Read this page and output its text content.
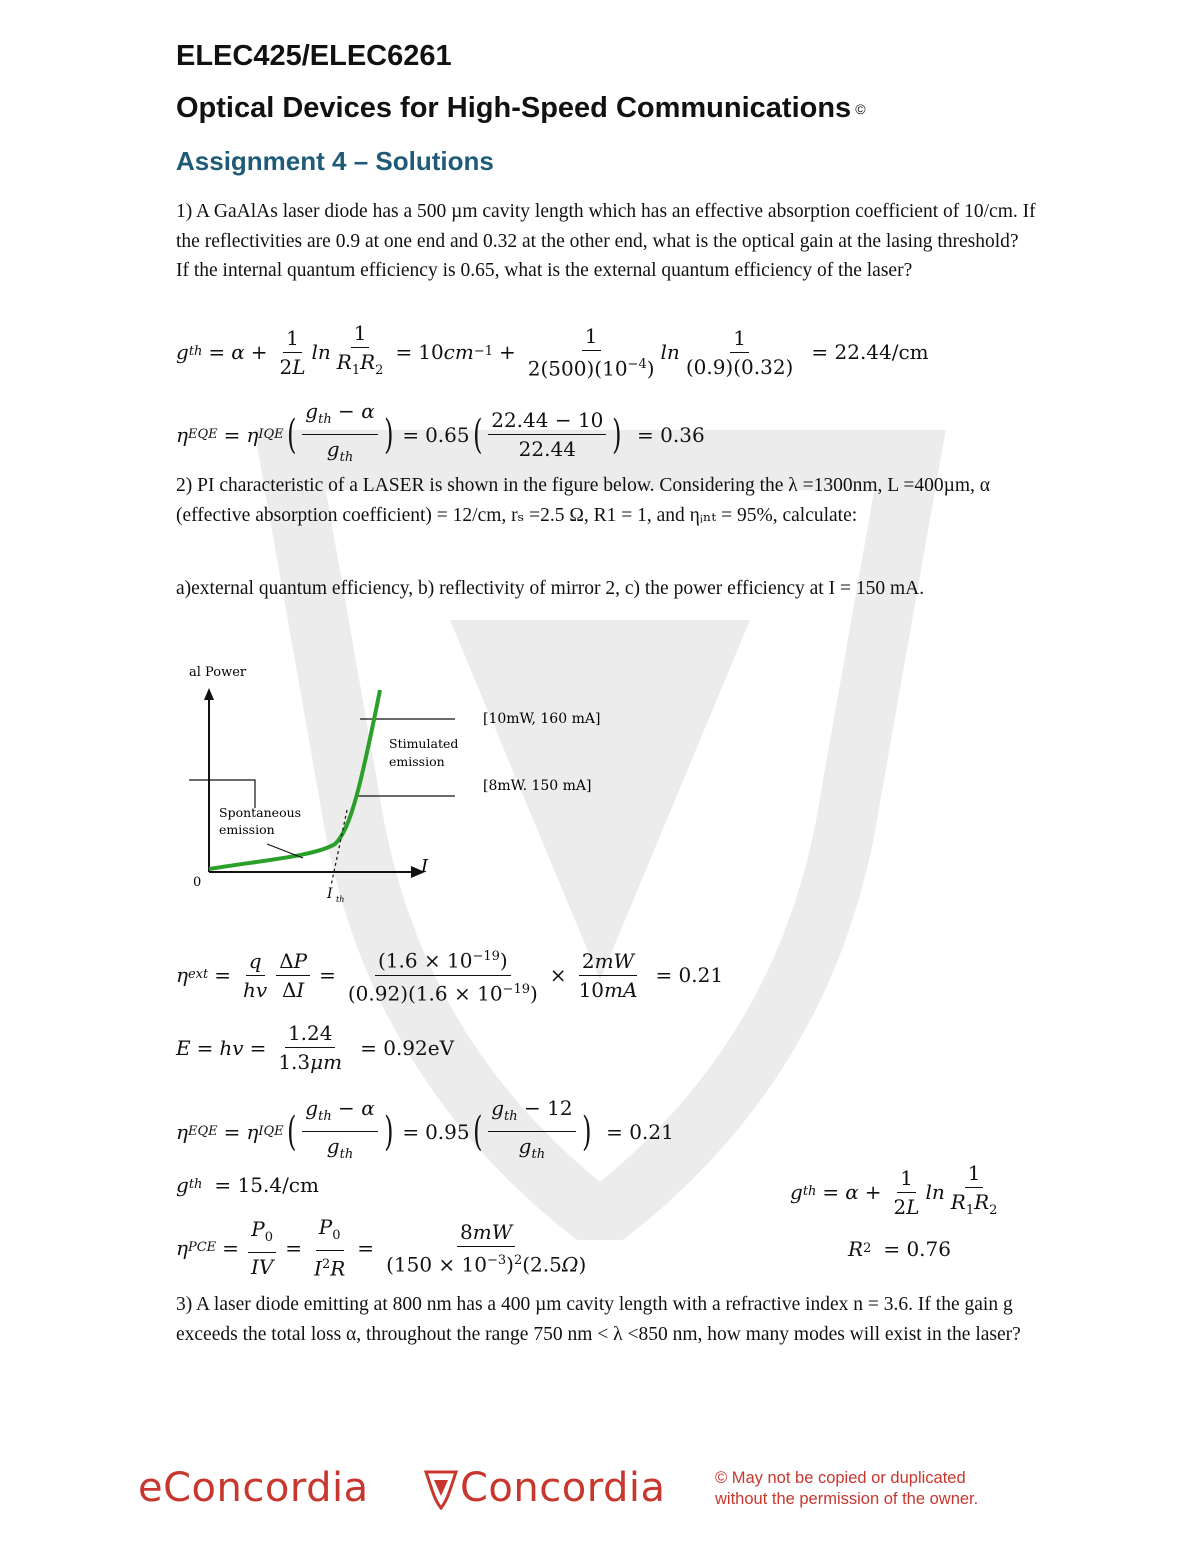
ELEC425/ELEC6261
Optical Devices for High-Speed Communications ©
Assignment 4 – Solutions

1) A GaAlAs laser diode has a 500 µm cavity length which has an effective absorption coefficient of 10/cm. If the reflectivities are 0.9 at one end and 0.32 at the other end, what is the optical gain at the lasing threshold? If the internal quantum efficiency is 0.65, what is the external quantum efficiency of the laser?

g th = $\alpha + \frac{1}{2L}$ $\ln \frac{1}{R_1R_2} = 10$ cm $-1 + \frac{1}{2(500)(10^{-4})}$ ln
1
(0.9)(0.32)
= 22.44/cm
η EQE = η IQE (
$g_{th} - \alpha$
$g_{th}$ ) = 0.65 ( 22.44 − 10
22.44 ) = 0.36

2) PI characteristic of a LASER is shown in the figure below. Considering the λ =1300nm, L =400µm, α (effective absorption coefficient) = 12/cm, rₛ =2.5 Ω, R1 = 1, and ηᵢₙₜ = 95%, calculate:

a)external quantum efficiency, b) reflectivity of mirror 2, c) the power efficiency at I = 150 mA.

al Power
I
0
Stimulated
emission
Spontaneous
emission
[10mW, 160 mA]
[8mW. 150 mA]
I th
η ext = $\frac{q}{hv} \frac{\Delta P}{\Delta I} = \frac{(1.6 \times 10^{-19})}{(0.92)(1.6 \times 10^{-19})} \times \frac{2mW}{10mA} = 0.21$
E = hv = $\frac{1.24}{1.3\mu m} = 0.92eV$
η EQE = η IQE (
$g_{th} - \alpha$
$g_{th}$ ) = 0.95 (
$g_{th} - 12$
$g_{th}$ ) = 0.21
g th = 15.4/cm
η PCE = $\frac{P_0}{IV} = \frac{P_0}{I^2R} = \frac{8mW}{(150 \times 10^{-3})^2(2.5\Omega)}$
g th = $\alpha + \frac{1}{2L}$ ln
1
$R_1R_2$
R 2 = 0.76

3) A laser diode emitting at 800 nm has a 400 µm cavity length with a refractive index n = 3.6. If the gain g exceeds the total loss α, throughout the range 750 nm < λ <850 nm, how many modes will exist in the laser?

eConcordia Concordia	© May not be copied or duplicated
without the permission of the owner.
